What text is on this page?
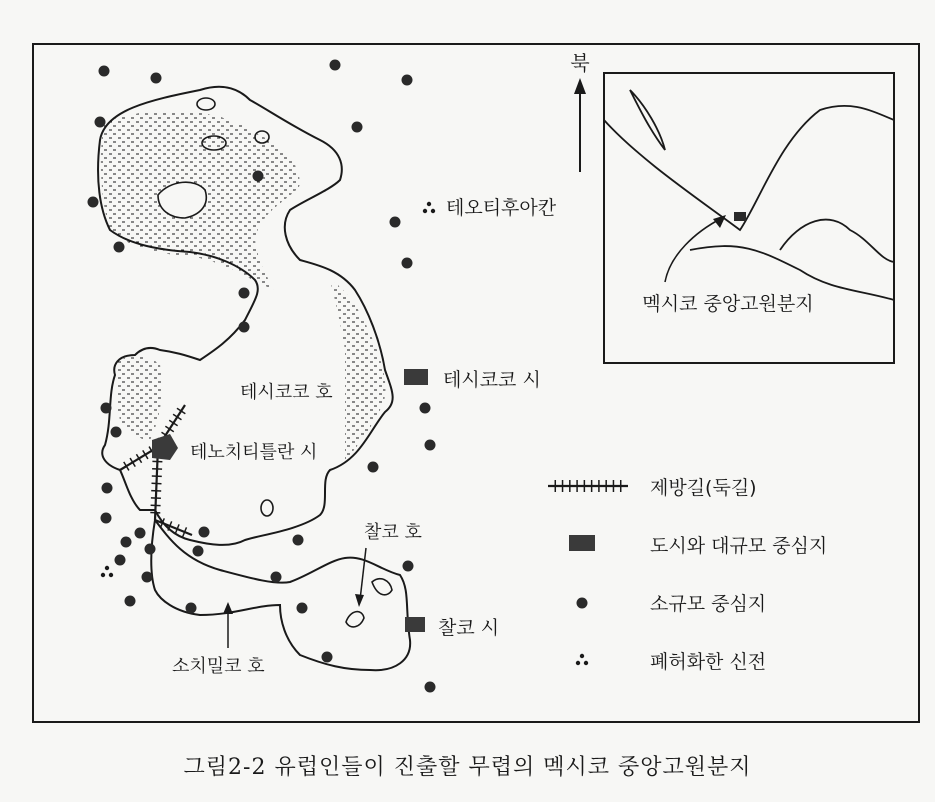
북
멕시코 중앙고원분지
테노치티틀란 시
테시코코 호
테시코코 시
테오티후아칸
찰코 호
찰코 시
소치밀코 호
제방길(둑길)
도시와 대규모 중심지
소규모 중심지
폐허화한 신전
그림2-2 유럽인들이 진출할 무렵의 멕시코 중앙고원분지
